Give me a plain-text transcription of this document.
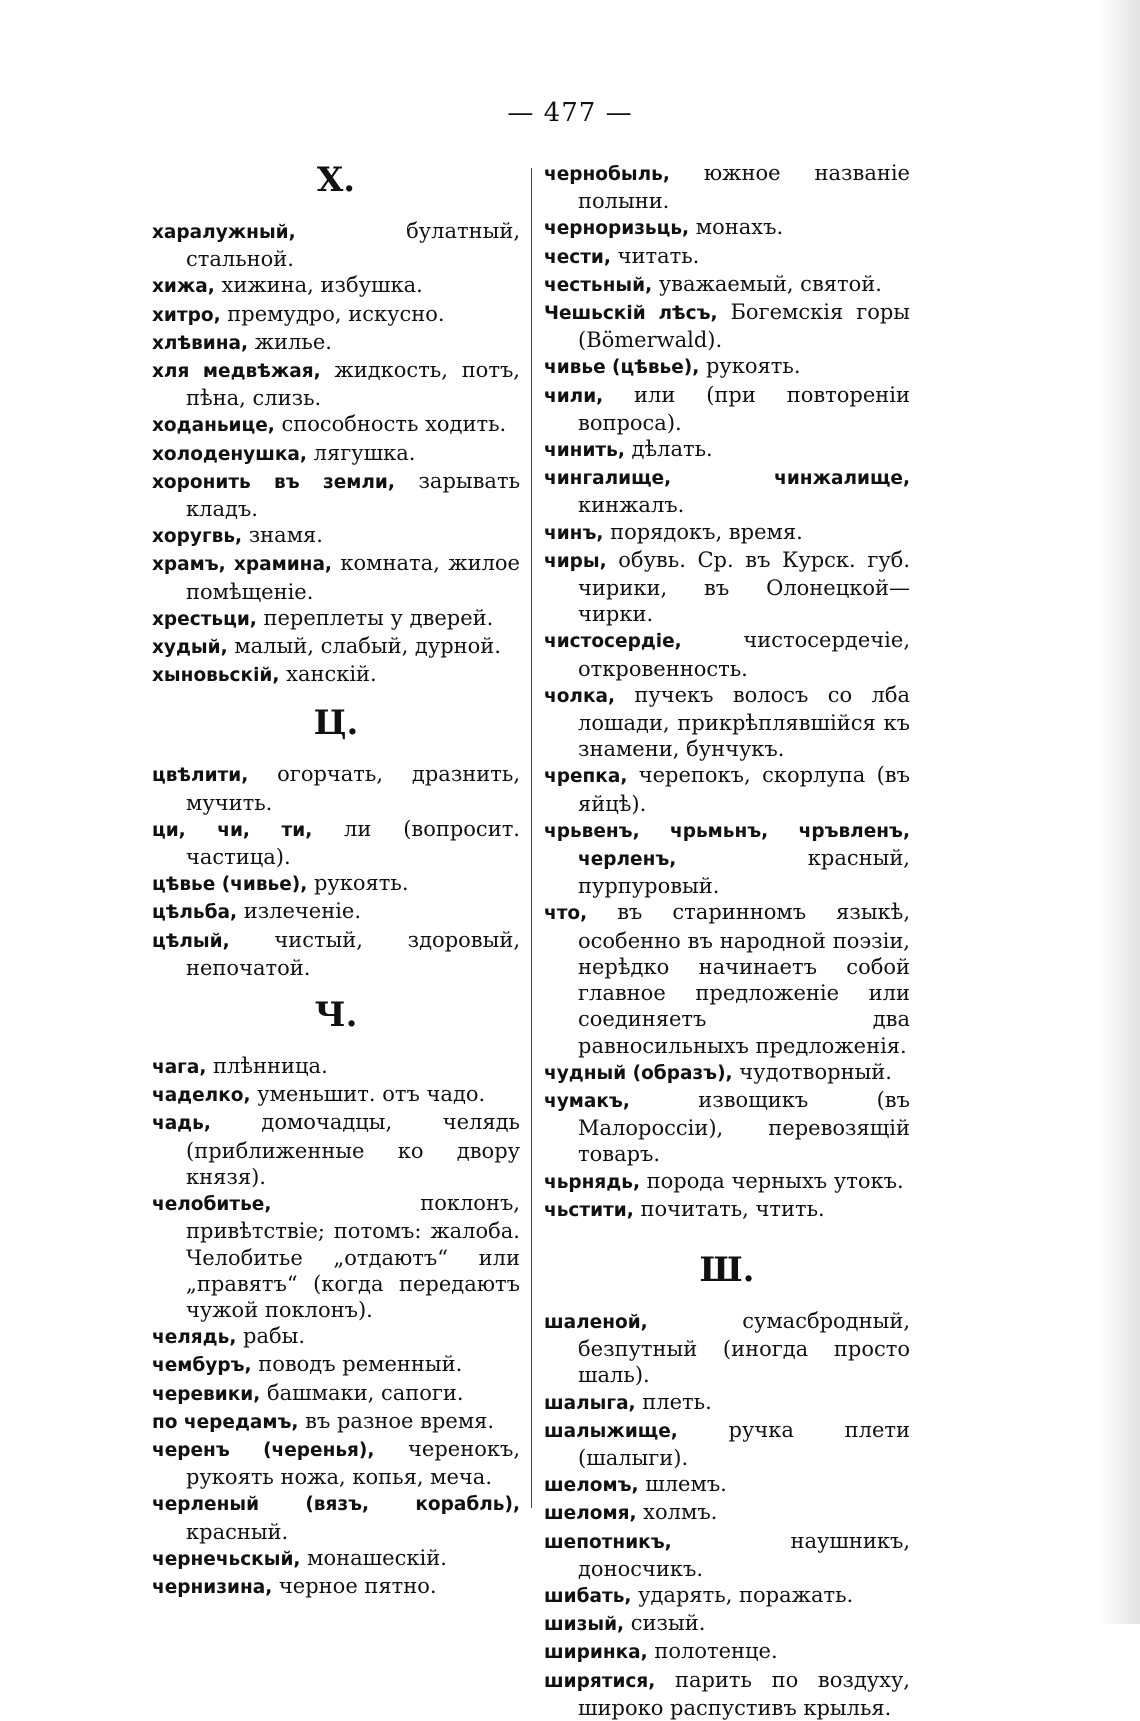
— 477 —
Х.

харалужный, булатный, стальной.

хижа, хижина, избушка.

хитро, премудро, искусно.

хлѣвина, жилье.

хля медвѣжая, жидкость, потъ, пѣна, слизь.

ходаньице, способность ходить.

холоденушка, лягушка.

хоронить въ земли, зарывать кладъ.

хоругвь, знамя.

храмъ, храмина, комната, жилое помѣщеніе.

хрестьци, переплеты у дверей.

худый, малый, слабый, дурной.

хыновьскій, ханскій.

Ц.

цвѣлити, огорчать, дразнить, мучить.

ци, чи, ти, ли (вопросит. частица).

цѣвье (чивье), рукоять.

цѣльба, излеченіе.

цѣлый, чистый, здоровый, непочатой.

Ч.

чага, плѣнница.

чаделко, уменьшит. отъ чадо.

чадь, домочадцы, челядь (приближенные ко двору князя).

челобитье, поклонъ, привѣтствіе; потомъ: жалоба. Челобитье „отдаютъ“ или „правятъ“ (когда передаютъ чужой поклонъ).

челядь, рабы.

чембуръ, поводъ ременный.

черевики, башмаки, сапоги.

по чередамъ, въ разное время.

черенъ (черенья), черенокъ, рукоять ножа, копья, меча.

черленый (вязъ, корабль), красный.

чернечьскый, монашескій.

чернизина, черное пятно.

чернобыль, южное названіе полыни.

черноризьць, монахъ.

чести, читать.

честьный, уважаемый, святой.

Чешьскій лѣсъ, Богемскія горы (Bömerwald).

чивье (цѣвье), рукоять.

чили, или (при повтореніи вопроса).

чинить, дѣлать.

чингалище, чинжалище, кинжалъ.

чинъ, порядокъ, время.

чиры, обувь. Ср. въ Курск. губ. чирики, въ Олонецкой—чирки.

чистосердіе, чистосердечіе, откровенность.

чолка, пучекъ волосъ со лба лошади, прикрѣплявшійся къ знамени, бунчукъ.

чрепка, черепокъ, скорлупа (въ яйцѣ).

чрьвенъ, чрьмьнъ, чръвленъ, черленъ, красный, пурпуровый.

что, въ старинномъ языкѣ, особенно въ народной поэзіи, нерѣдко начинаетъ собой главное предложеніе или соединяетъ два равносильныхъ предложенія.

чудный (образъ), чудотворный.

чумакъ, извощикъ (въ Малороссіи), перевозящій товаръ.

чьрнядь, порода черныхъ утокъ.

чьстити, почитать, чтить.

Ш.

шаленой, сумасбродный, безпутный (иногда просто шаль).

шалыга, плеть.

шалыжище, ручка плети (шалыги).

шеломъ, шлемъ.

шеломя, холмъ.

шепотникъ, наушникъ, доносчикъ.

шибать, ударять, поражать.

шизый, сизый.

ширинка, полотенце.

ширятися, парить по воздуху, широко распустивъ крылья.
